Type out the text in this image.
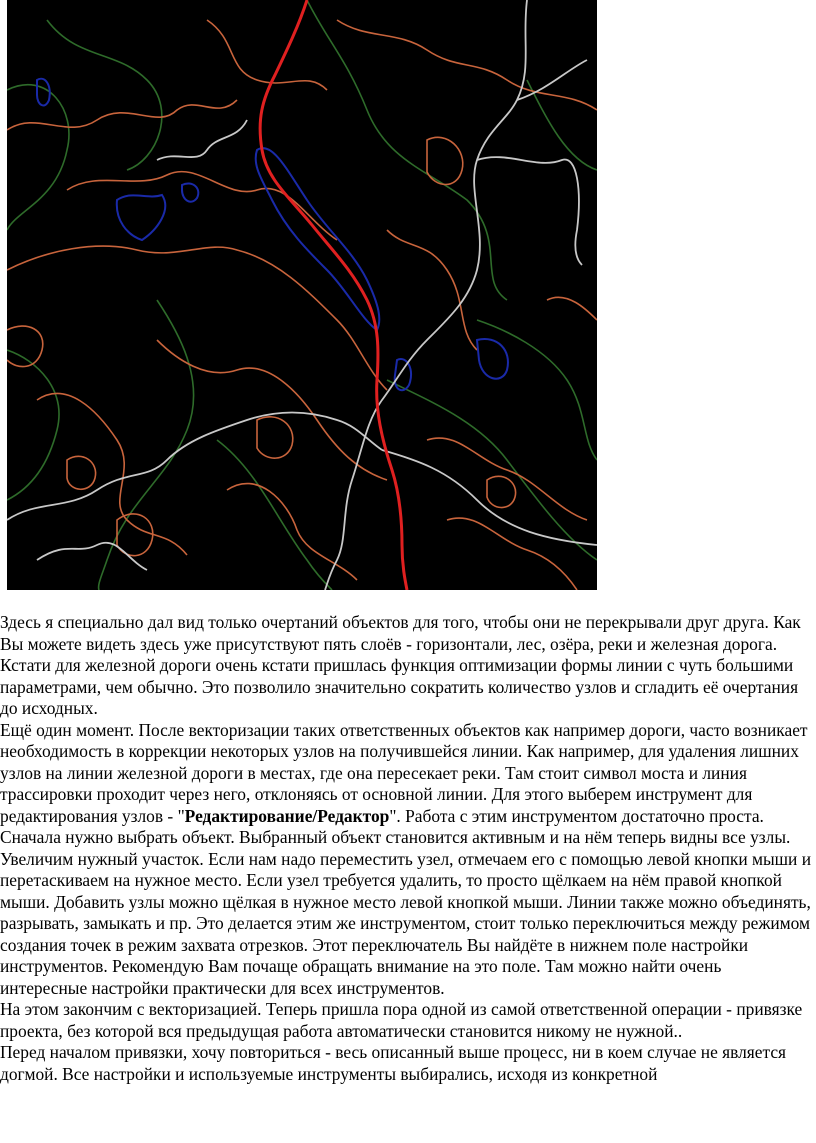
Здесь я специально дал вид только очертаний объектов для того, чтобы они не перекрывали друг друга. Как Вы можете видеть здесь уже присутствуют пять слоёв - горизонтали, лес, озёра, реки и железная дорога. Кстати для железной дороги очень кстати пришлась функция оптимизации формы линии с чуть большими параметрами, чем обычно. Это позволило значительно сократить количество узлов и сгладить её очертания до исходных.

Ещё один момент. После векторизации таких ответственных объектов как например дороги, часто возникает необходимость в коррекции некоторых узлов на получившейся линии. Как например, для удаления лишних узлов на линии железной дороги в местах, где она пересекает реки. Там стоит символ моста и линия трассировки проходит через него, отклоняясь от основной линии. Для этого выберем инструмент для редактирования узлов - "Редактирование/Редактор". Работа с этим инструментом достаточно проста. Сначала нужно выбрать объект. Выбранный объект становится активным и на нём теперь видны все узлы. Увеличим нужный участок. Если нам надо переместить узел, отмечаем его с помощью левой кнопки мыши и перетаскиваем на нужное место. Если узел требуется удалить, то просто щёлкаем на нём правой кнопкой мыши. Добавить узлы можно щёлкая в нужное место левой кнопкой мыши. Линии также можно объединять, разрывать, замыкать и пр. Это делается этим же инструментом, стоит только переключиться между режимом создания точек в режим захвата отрезков. Этот переключатель Вы найдёте в нижнем поле настройки инструментов. Рекомендую Вам почаще обращать внимание на это поле. Там можно найти очень интересные настройки практически для всех инструментов.

На этом закончим с векторизацией. Теперь пришла пора одной из самой ответственной операции - привязке проекта, без которой вся предыдущая работа автоматически становится никому не нужной..

Перед началом привязки, хочу повториться - весь описанный выше процесс, ни в коем случае не является догмой. Все настройки и используемые инструменты выбирались, исходя из конкретной
